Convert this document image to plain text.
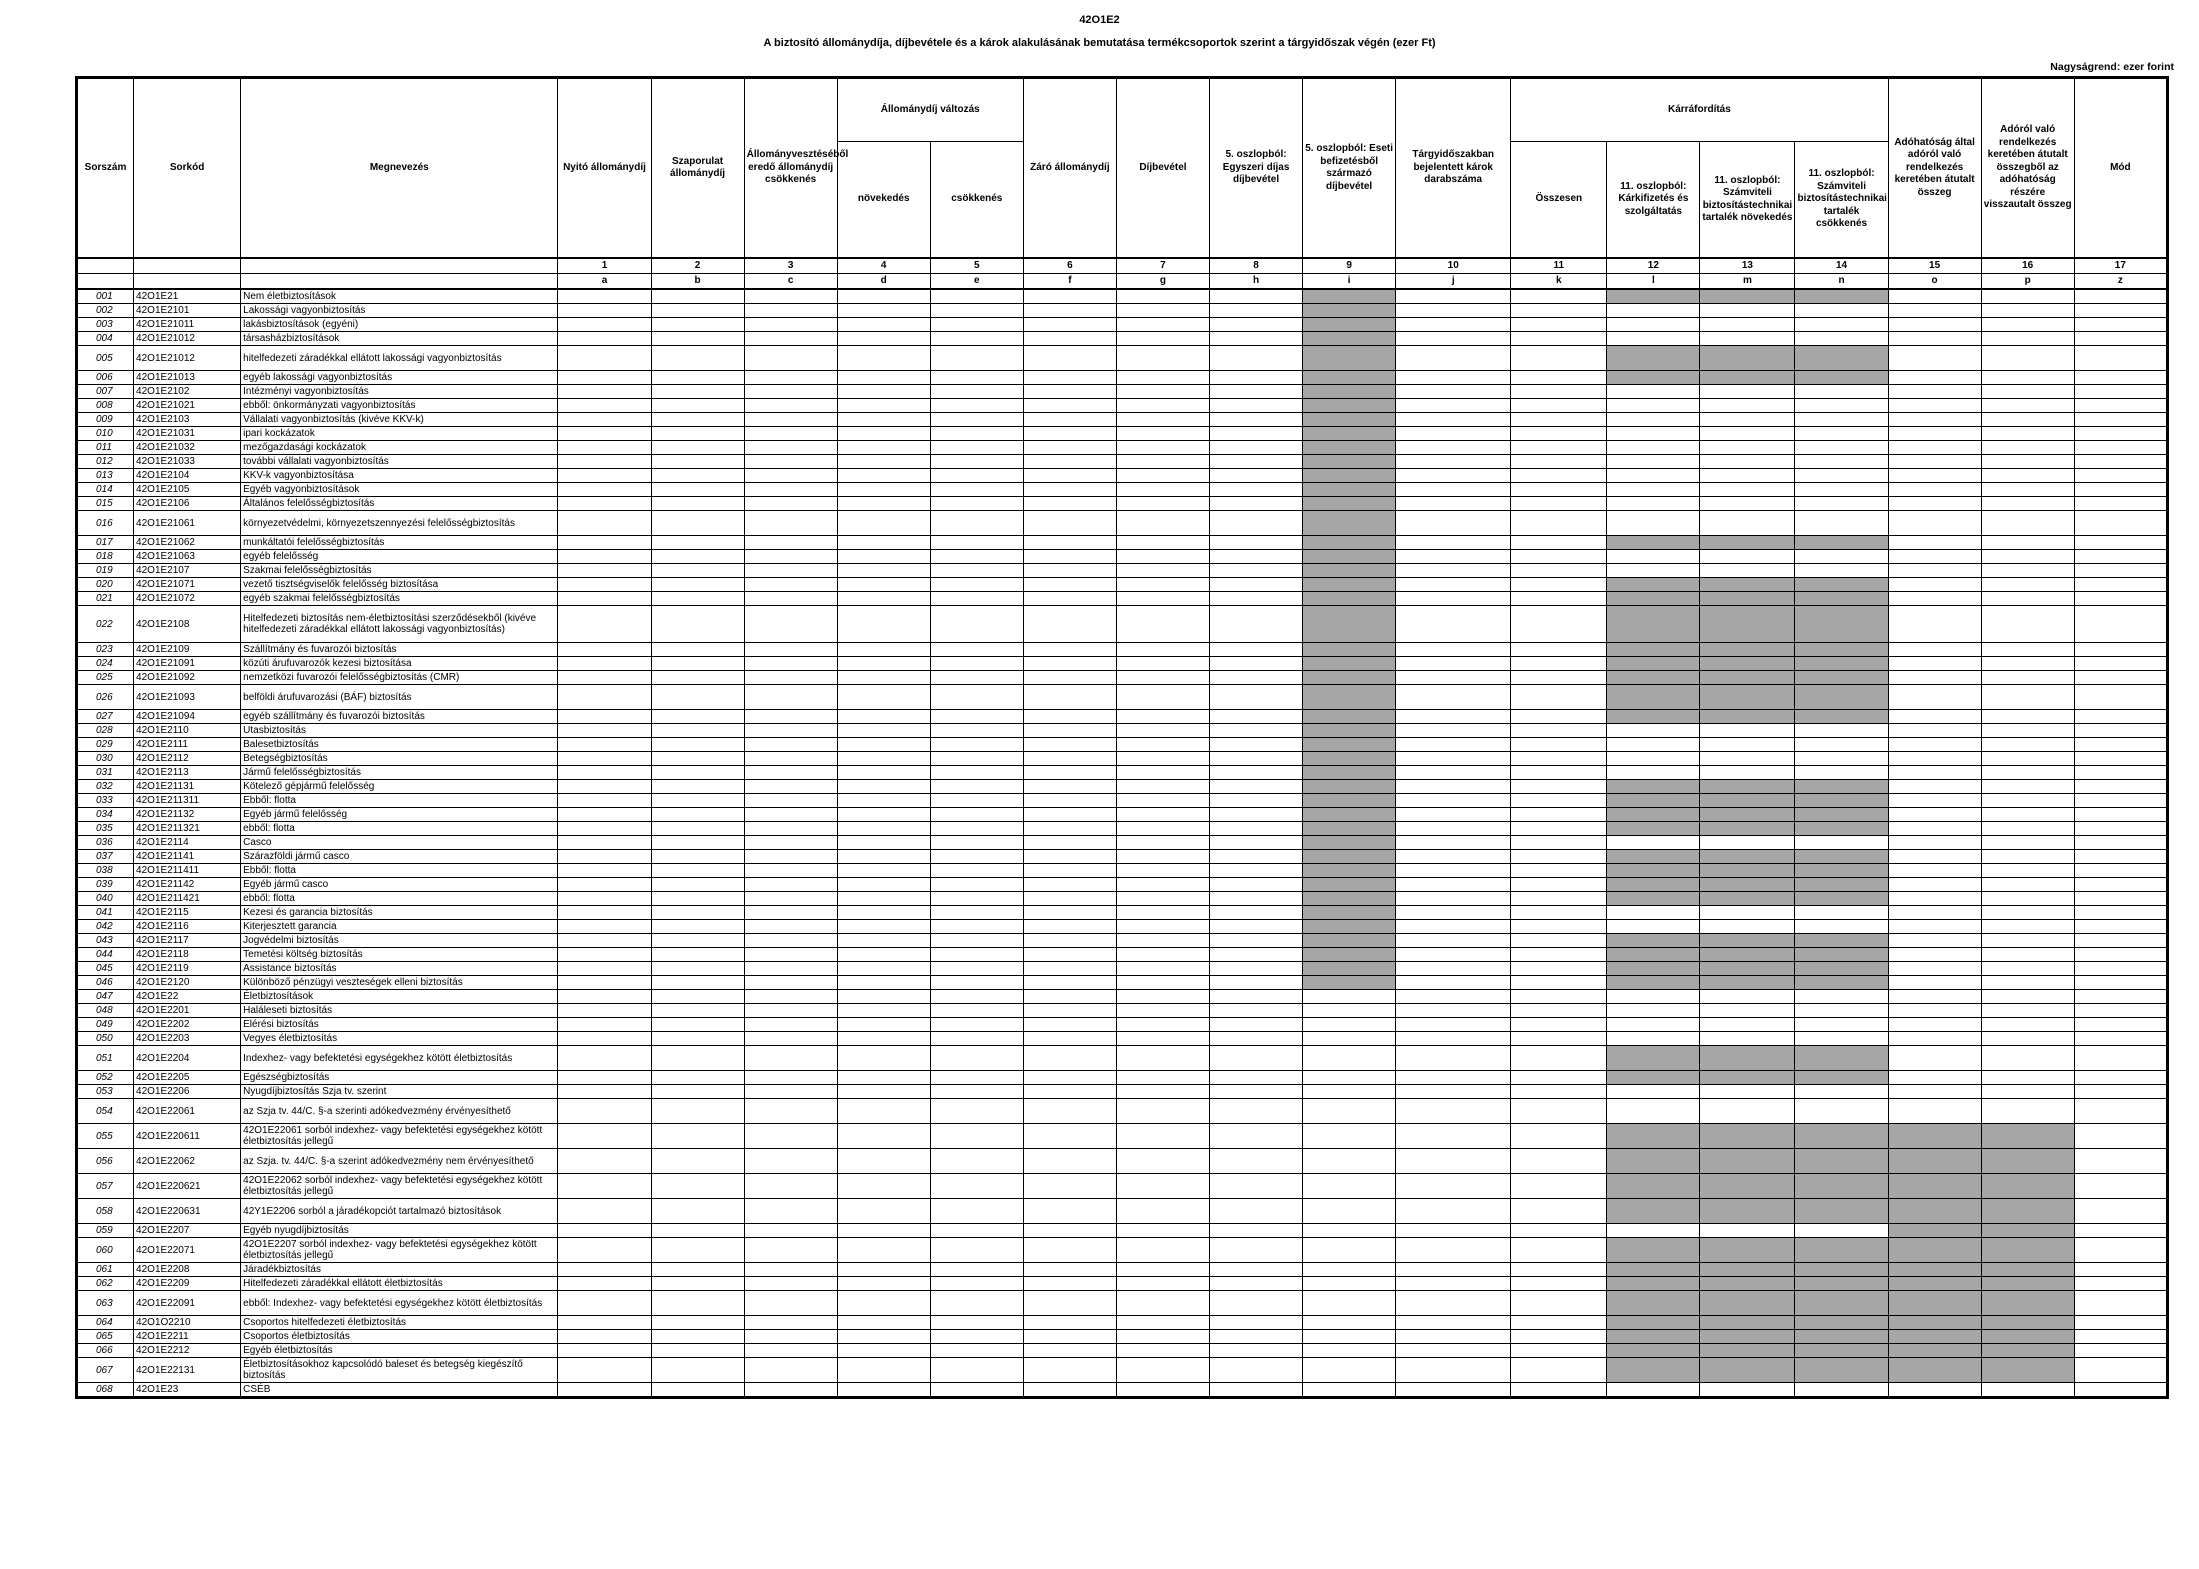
42O1E2
A biztosító állománydíja, díjbevétele és a károk alakulásának bemutatása termékcsoportok szerint a tárgyidőszak végén (ezer Ft)
Nagyságrend: ezer forint
Sorszám	Sorkód	Megnevezés	Nyitó állománydíj	Szaporulat állománydíj	Állományvesztéséből eredő állománydíj csökkenés	Állománydíj változás		Záró állománydíj	Díjbevétel	5. oszlopból: Egyszeri díjas díjbevétel	5. oszlopból: Eseti befizetésből származó díjbevétel	Tárgyidőszakban bejelentett károk darabszáma	Kárráfordítás				Adóhatóság által adóról való rendelkezés keretében átutalt összeg	Adóról való rendelkezés keretében átutalt összegből az adóhatóság részére visszautalt összeg	Mód
						növekedés	csökkenés						Összesen	11. oszlopból: Kárkifizetés és szolgáltatás	11. oszlopból: Számviteli biztosítástechnikai tartalék növekedés	11. oszlopból: Számviteli biztosítástechnikai tartalék csökkenés			
			1	2	3	4	5	6	7	8	9	10	11	12	13	14	15	16	17
			a	b	c	d	e	f	g	h	i	j	k	l	m	n	o	p	z
001	42O1E21	Nem életbiztosítások																	
002	42O1E2101	Lakossági vagyonbiztosítás																	
003	42O1E21011	lakásbiztosítások (egyéni)																	
004	42O1E21012	társasházbiztosítások																	
005	42O1E21012	hitelfedezeti záradékkal ellátott lakossági vagyonbiztosítás																	
006	42O1E21013	egyéb lakossági vagyonbiztosítás																	
007	42O1E2102	Intézményi vagyonbiztosítás																	
008	42O1E21021	ebből: önkormányzati vagyonbiztosítás																	
009	42O1E2103	Vállalati vagyonbiztosítás (kivéve KKV-k)																	
010	42O1E21031	ipari kockázatok																	
011	42O1E21032	mezőgazdasági kockázatok																	
012	42O1E21033	további vállalati vagyonbiztosítás																	
013	42O1E2104	KKV-k vagyonbiztosítása																	
014	42O1E2105	Egyéb vagyonbiztosítások																	
015	42O1E2106	Általános felelősségbiztosítás																	
016	42O1E21061	környezetvédelmi, környezetszennyezési felelősségbiztosítás																	
017	42O1E21062	munkáltatói felelősségbiztosítás																	
018	42O1E21063	egyéb felelősség																	
019	42O1E2107	Szakmai felelősségbiztosítás																	
020	42O1E21071	vezető tisztségviselők felelősség biztosítása																	
021	42O1E21072	egyéb szakmai felelősségbiztosítás																	
022	42O1E2108	Hitelfedezeti biztosítás nem-életbiztosítási szerződésekből (kivéve hitelfedezeti záradékkal ellátott lakossági vagyonbiztosítás)																	
023	42O1E2109	Szállítmány és fuvarozói biztosítás																	
024	42O1E21091	közúti árufuvarozók kezesi biztosítása																	
025	42O1E21092	nemzetközi fuvarozói felelősségbiztosítás (CMR)																	
026	42O1E21093	belföldi árufuvarozási (BÁF) biztosítás																	
027	42O1E21094	egyéb szállítmány és fuvarozói biztosítás																	
028	42O1E2110	Utasbiztosítás																	
029	42O1E2111	Balesetbiztosítás																	
030	42O1E2112	Betegségbiztosítás																	
031	42O1E2113	Jármű felelősségbiztosítás																	
032	42O1E21131	Kötelező gépjármű felelősség																	
033	42O1E211311	Ebből: flotta																	
034	42O1E21132	Egyéb jármű felelősség																	
035	42O1E211321	ebből: flotta																	
036	42O1E2114	Casco																	
037	42O1E21141	Szárazföldi jármű casco																	
038	42O1E211411	Ebből: flotta																	
039	42O1E21142	Egyéb jármű casco																	
040	42O1E211421	ebből: flotta																	
041	42O1E2115	Kezesi és garancia biztosítás																	
042	42O1E2116	Kiterjesztett garancia																	
043	42O1E2117	Jogvédelmi biztosítás																	
044	42O1E2118	Temetési költség biztosítás																	
045	42O1E2119	Assistance biztosítás																	
046	42O1E2120	Különböző pénzügyi veszteségek elleni biztosítás																	
047	42O1E22	Életbiztosítások																	
048	42O1E2201	Haláleseti biztosítás																	
049	42O1E2202	Elérési biztosítás																	
050	42O1E2203	Vegyes életbiztosítás																	
051	42O1E2204	Indexhez- vagy befektetési egységekhez kötött életbiztosítás																	
052	42O1E2205	Egészségbiztosítás																	
053	42O1E2206	Nyugdíjbiztosítás Szja tv. szerint																	
054	42O1E22061	az Szja tv. 44/C. §-a szerinti adókedvezmény érvényesíthető																	
055	42O1E220611	42O1E22061 sorból indexhez- vagy befektetési egységekhez kötött életbiztosítás jellegű																	
056	42O1E22062	az Szja. tv. 44/C. §-a szerint adókedvezmény nem érvényesíthető																	
057	42O1E220621	42O1E22062 sorból indexhez- vagy befektetési egységekhez kötött életbiztosítás jellegű																	
058	42O1E220631	42Y1E2206 sorból a járadékopciót tartalmazó biztosítások																	
059	42O1E2207	Egyéb nyugdíjbiztosítás																	
060	42O1E22071	42O1E2207 sorból indexhez- vagy befektetési egységekhez kötött életbiztosítás jellegű																	
061	42O1E2208	Járadékbiztosítás																	
062	42O1E2209	Hitelfedezeti záradékkal ellátott életbiztosítás																	
063	42O1E22091	ebből: Indexhez- vagy befektetési egységekhez kötött életbiztosítás																	
064	42O1O2210	Csoportos hitelfedezeti életbiztosítás																	
065	42O1E2211	Csoportos életbiztosítás																	
066	42O1E2212	Egyéb életbiztosítás																	
067	42O1E22131	Életbiztosításokhoz kapcsolódó baleset és betegség kiegészítő biztosítás																	
068	42O1E23	CSÉB																	
